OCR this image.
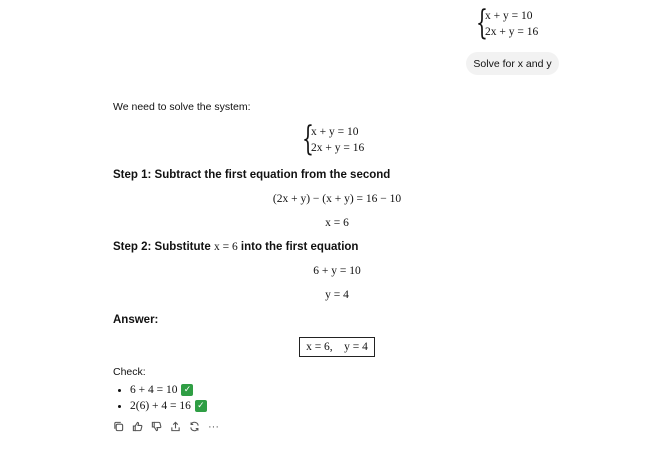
{
x + y = 10
2x + y = 16
Solve for x and y
We need to solve the system:
{
x + y = 10
2x + y = 16
Step 1: Subtract the first equation from the second
(2x + y) − (x + y) = 16 − 10
x = 6
Step 2: Substitute x = 6 into the first equation
6 + y = 10
y = 4
Answer:
x = 6,    y = 4
Check:
6 + 4 = 10 ✓
2(6) + 4 = 16 ✓
···
